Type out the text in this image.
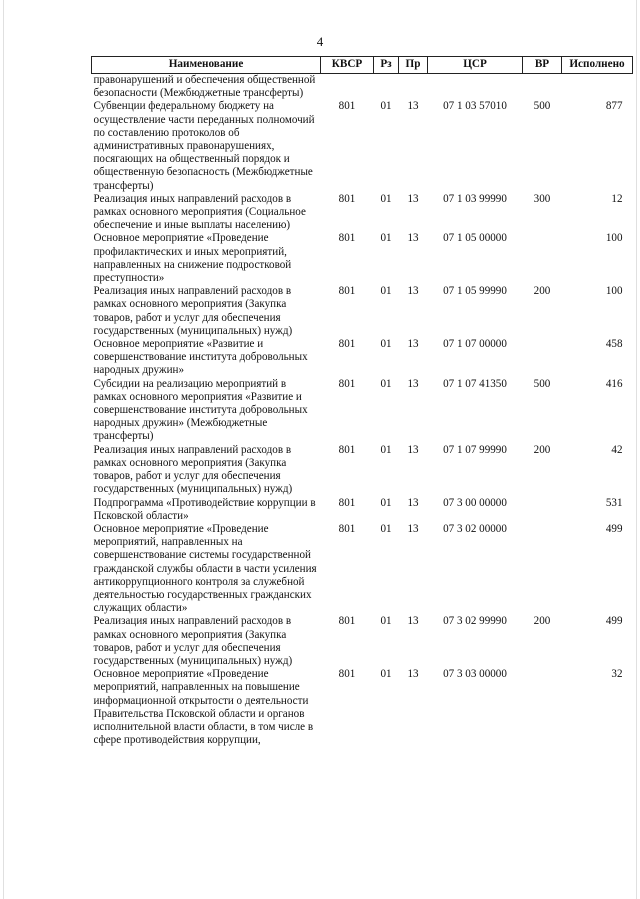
4
Наименование	КВСР	Рз	Пр	ЦСР	ВР	Исполнено
правонарушений и обеспечения общественной безопасности (Межбюджетные трансферты)						
Субвенции федеральному бюджету на осуществление части переданных полномочий по составлению протоколов об административных правонарушениях, посягающих на общественный порядок и общественную безопасность (Межбюджетные трансферты)	801	01	13	07 1 03 57010	500	877
Реализация иных направлений расходов в рамках основного мероприятия (Социальное обеспечение и иные выплаты населению)	801	01	13	07 1 03 99990	300	12
Основное мероприятие «Проведение профилактических и иных мероприятий, направленных на снижение подростковой преступности»	801	01	13	07 1 05 00000		100
Реализация иных направлений расходов в рамках основного мероприятия (Закупка товаров, работ и услуг для обеспечения государственных (муниципальных) нужд)	801	01	13	07 1 05 99990	200	100
Основное мероприятие «Развитие и совершенствование института добровольных народных дружин»	801	01	13	07 1 07 00000		458
Субсидии на реализацию мероприятий в рамках основного мероприятия «Развитие и совершенствование института добровольных народных дружин» (Межбюджетные трансферты)	801	01	13	07 1 07 41350	500	416
Реализация иных направлений расходов в рамках основного мероприятия (Закупка товаров, работ и услуг для обеспечения государственных (муниципальных) нужд)	801	01	13	07 1 07 99990	200	42
Подпрограмма «Противодействие коррупции в Псковской области»	801	01	13	07 3 00 00000		531
Основное мероприятие «Проведение мероприятий, направленных на совершенствование системы государственной гражданской службы области в части усиления антикоррупционного контроля за служебной деятельностью государственных гражданских служащих области»	801	01	13	07 3 02 00000		499
Реализация иных направлений расходов в рамках основного мероприятия (Закупка товаров, работ и услуг для обеспечения государственных (муниципальных) нужд)	801	01	13	07 3 02 99990	200	499
Основное мероприятие «Проведение мероприятий, направленных на повышение информационной открытости о деятельности Правительства Псковской области и органов исполнительной власти области, в том числе в сфере противодействия коррупции,	801	01	13	07 3 03 00000		32
